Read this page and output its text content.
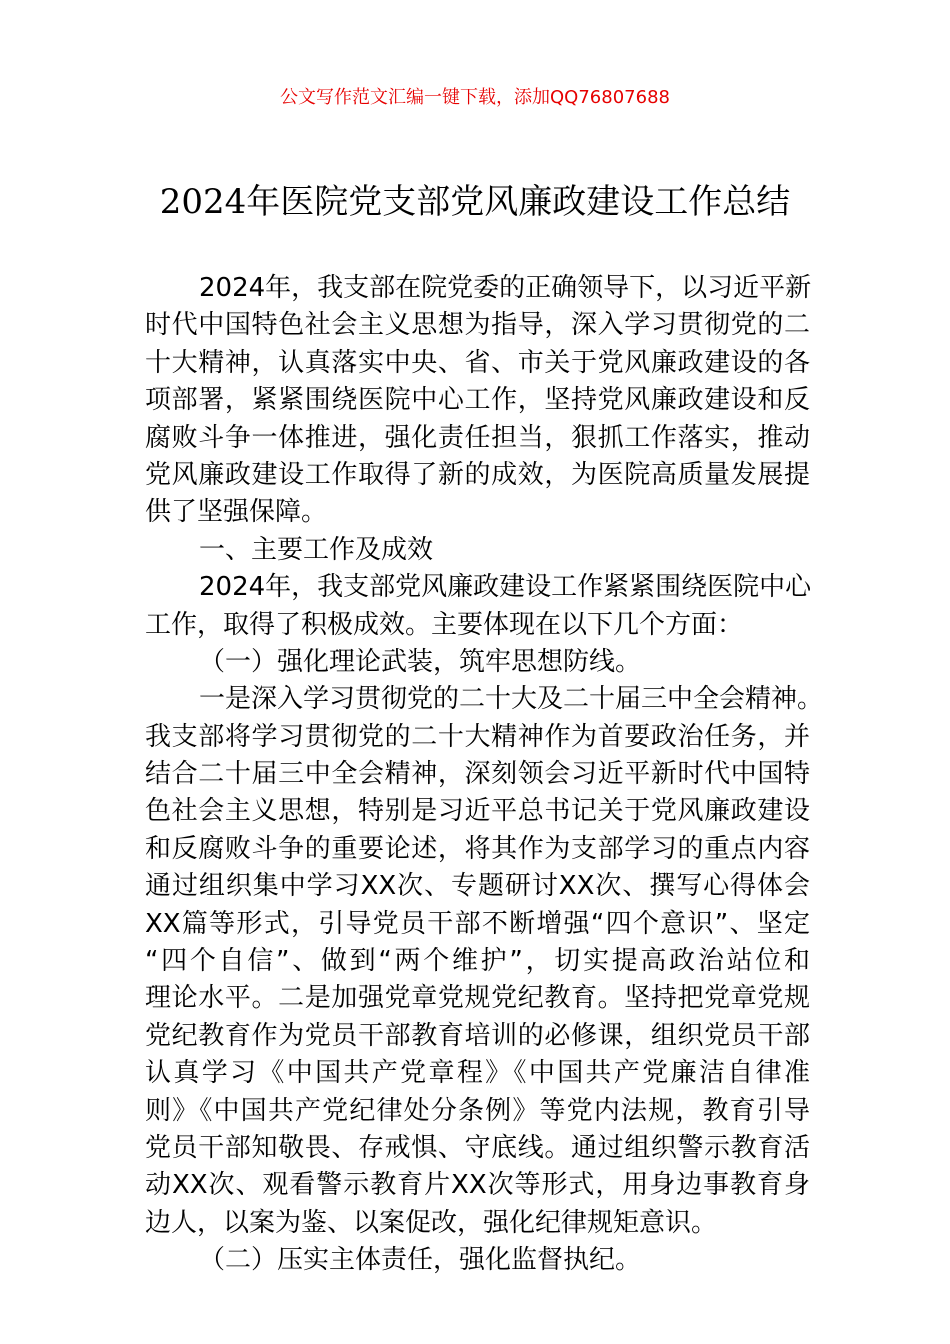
公文写作范文汇编一键下载，添加QQ76807688
2024年医院党支部党风廉政建设工作总结
2024年，我支部在院党委的正确领导下，以习近平新
时代中国特色社会主义思想为指导，深入学习贯彻党的二
十大精神，认真落实中央、省、市关于党风廉政建设的各
项部署，紧紧围绕医院中心工作，坚持党风廉政建设和反
腐败斗争一体推进，强化责任担当，狠抓工作落实，推动
党风廉政建设工作取得了新的成效，为医院高质量发展提
供了坚强保障。
一、主要工作及成效
2024年，我支部党风廉政建设工作紧紧围绕医院中心
工作，取得了积极成效。主要体现在以下几个方面：
（一）强化理论武装，筑牢思想防线。
一是深入学习贯彻党的二十大及二十届三中全会精神。
我支部将学习贯彻党的二十大精神作为首要政治任务，并
结合二十届三中全会精神，深刻领会习近平新时代中国特
色社会主义思想，特别是习近平总书记关于党风廉政建设
和反腐败斗争的重要论述，将其作为支部学习的重点内容
通过组织集中学习XX次、专题研讨XX次、撰写心得体会
XX篇等形式，引导党员干部不断增强“四个意识”、坚定
“四个自信”、做到“两个维护”，切实提高政治站位和
理论水平。二是加强党章党规党纪教育。坚持把党章党规
党纪教育作为党员干部教育培训的必修课，组织党员干部
认真学习《中国共产党章程》《中国共产党廉洁自律准
则》《中国共产党纪律处分条例》等党内法规，教育引导
党员干部知敬畏、存戒惧、守底线。通过组织警示教育活
动XX次、观看警示教育片XX次等形式，用身边事教育身
边人，以案为鉴、以案促改，强化纪律规矩意识。
（二）压实主体责任，强化监督执纪。
